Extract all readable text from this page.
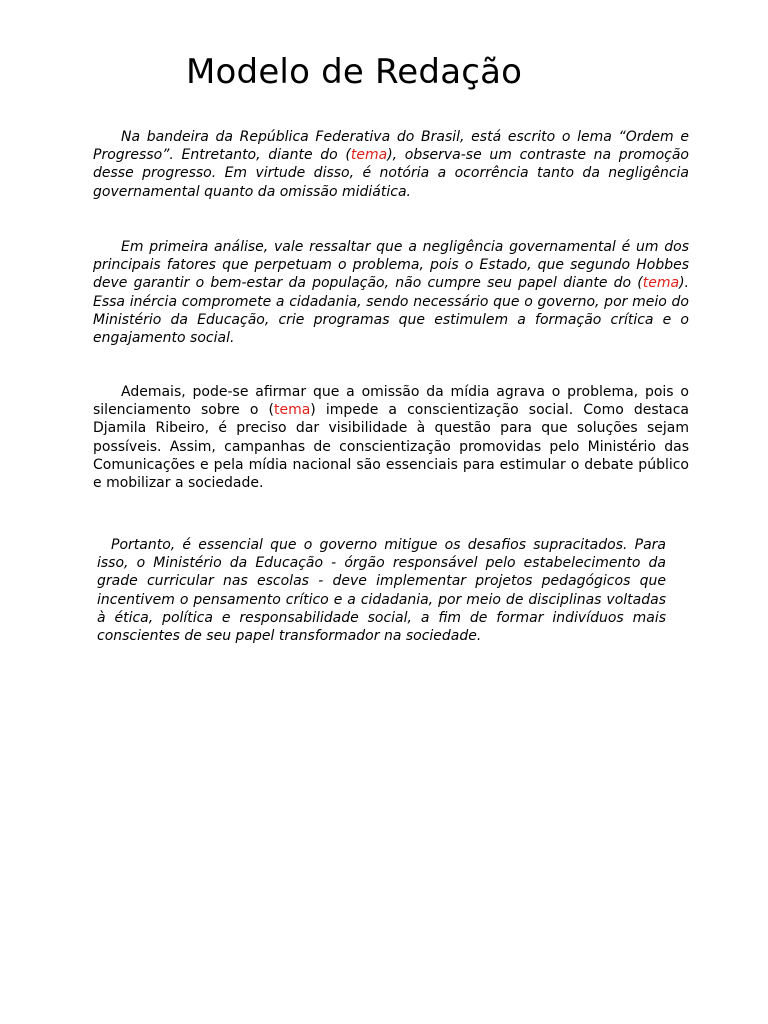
Modelo de Redação

Na bandeira da República Federativa do Brasil, está escrito o lema “Ordem e Progresso”. Entretanto, diante do (tema), observa-se um contraste na promoção desse progresso. Em virtude disso, é notória a ocorrência tanto da negligência governamental quanto da omissão midiática.

Em primeira análise, vale ressaltar que a negligência governamental é um dos principais fatores que perpetuam o problema, pois o Estado, que segundo Hobbes deve garantir o bem-estar da população, não cumpre seu papel diante do (tema). Essa inércia compromete a cidadania, sendo necessário que o governo, por meio do Ministério da Educação, crie programas que estimulem a formação crítica e o engajamento social.

Ademais, pode-se afirmar que a omissão da mídia agrava o problema, pois o silenciamento sobre o (tema) impede a conscientização social. Como destaca Djamila Ribeiro, é preciso dar visibilidade à questão para que soluções sejam possíveis. Assim, campanhas de conscientização promovidas pelo Ministério das Comunicações e pela mídia nacional são essenciais para estimular o debate público e mobilizar a sociedade.

Portanto, é essencial que o governo mitigue os desafios supracitados. Para isso, o Ministério da Educação - órgão responsável pelo estabelecimento da grade curricular nas escolas - deve implementar projetos pedagógicos que incentivem o pensamento crítico e a cidadania, por meio de disciplinas voltadas à ética, política e responsabilidade social, a fim de formar indivíduos mais conscientes de seu papel transformador na sociedade.
